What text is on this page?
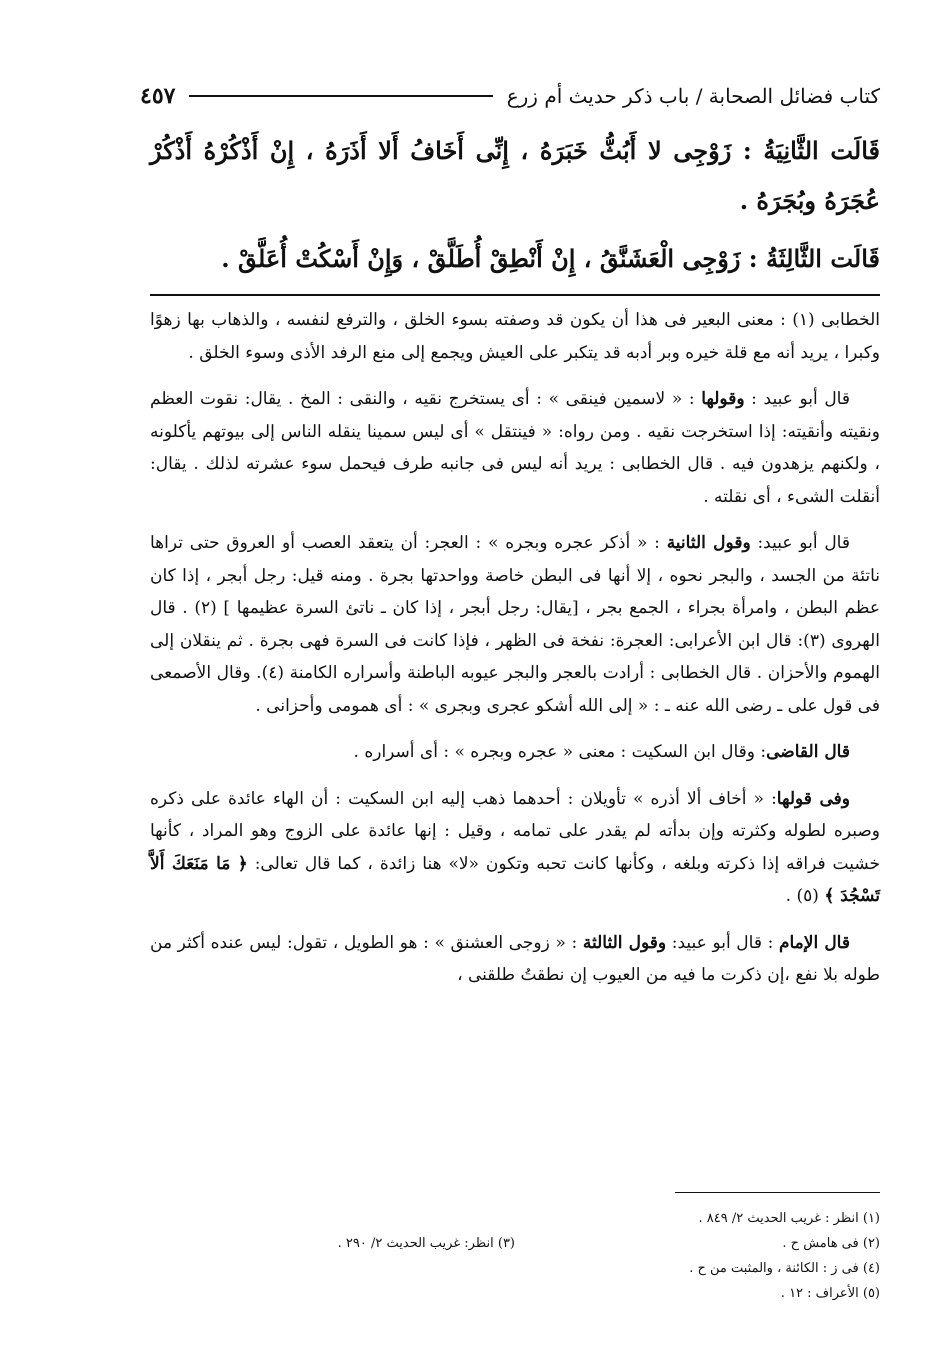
كتاب فضائل الصحابة / باب ذكر حديث أم زرع
٤٥٧
قَالَت الثَّانِيَةُ : زَوْجِى لا أَبُثُّ خَبَرَهُ ، إِنِّى أَخَافُ أَلا أَذَرَهُ ، إِنْ أَذْكُرْهُ أَذْكُرْ عُجَرَهُ وبُجَرَهُ .
قَالَت الثَّالِثَةُ : زَوْجِى الْعَشَنَّقُ ، إِنْ أَنْطِقْ أُطَلَّقْ ، وَإِنْ أَسْكُتْ أُعَلَّقْ .

الخطابى (١) : معنى البعير فى هذا أن يكون قد وصفته بسوء الخلق ، والترفع لنفسه ، والذهاب بها زهوًا وكبرا ، يريد أنه مع قلة خيره وبر أدبه قد يتكبر على العيش ويجمع إلى منع الرفد الأذى وسوء الخلق .

قال أبو عبيد : وقولها : « لاسمين فينقى » : أى يستخرج نقيه ، والنقى : المخ . يقال: نقوت العظم ونقيته وأنقيته: إذا استخرجت نقيه . ومن رواه: « فينتقل » أى ليس سمينا ينقله الناس إلى بيوتهم يأكلونه ، ولكنهم يزهدون فيه . قال الخطابى : يريد أنه ليس فى جانبه طرف فيحمل سوء عشرته لذلك . يقال: أنقلت الشىء ، أى نقلته .

قال أبو عبيد: وقول الثانية : « أذكر عجره وبجره » : العجر: أن يتعقد العصب أو العروق حتى تراها ناتئة من الجسد ، والبجر نحوه ، إلا أنها فى البطن خاصة وواحدتها بجرة . ومنه قيل: رجل أبجر ، إذا كان عظم البطن ، وامرأة بجراء ، الجمع بجر ، [يقال: رجل أبجر ، إذا كان ـ ناتئ السرة عظيمها ] (٢) . قال الهروى (٣): قال ابن الأعرابى: العجرة: نفخة فى الظهر ، فإذا كانت فى السرة فهى بجرة . ثم ينقلان إلى الهموم والأحزان . قال الخطابى : أرادت بالعجر والبجر عيوبه الباطنة وأسراره الكامنة (٤). وقال الأصمعى فى قول على ـ رضى الله عنه ـ : « إلى الله أشكو عجرى وبجرى » : أى همومى وأحزانى .

قال القاضى: وقال ابن السكيت : معنى « عجره وبجره » : أى أسراره .

وفى قولها: « أخاف ألا أذره » تأويلان : أحدهما ذهب إليه ابن السكيت : أن الهاء عائدة على ذكره وصبره لطوله وكثرته وإن بدأته لم يقدر على تمامه ، وقيل : إنها عائدة على الزوج وهو المراد ، كأنها خشيت فراقه إذا ذكرته وبلغه ، وكأنها كانت تحبه وتكون «لا» هنا زائدة ، كما قال تعالى: ﴿ مَا مَنَعَكَ أَلاَّ تَسْجُدَ ﴾ (٥) .

قال الإمام : قال أبو عبيد: وقول الثالثة : « زوجى العشنق » : هو الطويل ، تقول: ليس عنده أكثر من طوله بلا نفع ،إن ذكرت ما فيه من العيوب إن نطقتُ طلقنى ،

(١) انظر : غريب الحديث ٢/ ٨٤٩ .
(٢) فى هامش ح .
(٣) انظر: غريب الحديث ٢/ ٢٩٠ .
(٤) فى ز : الكائنة ، والمثبت من ح .
(٥) الأعراف : ١٢ .
